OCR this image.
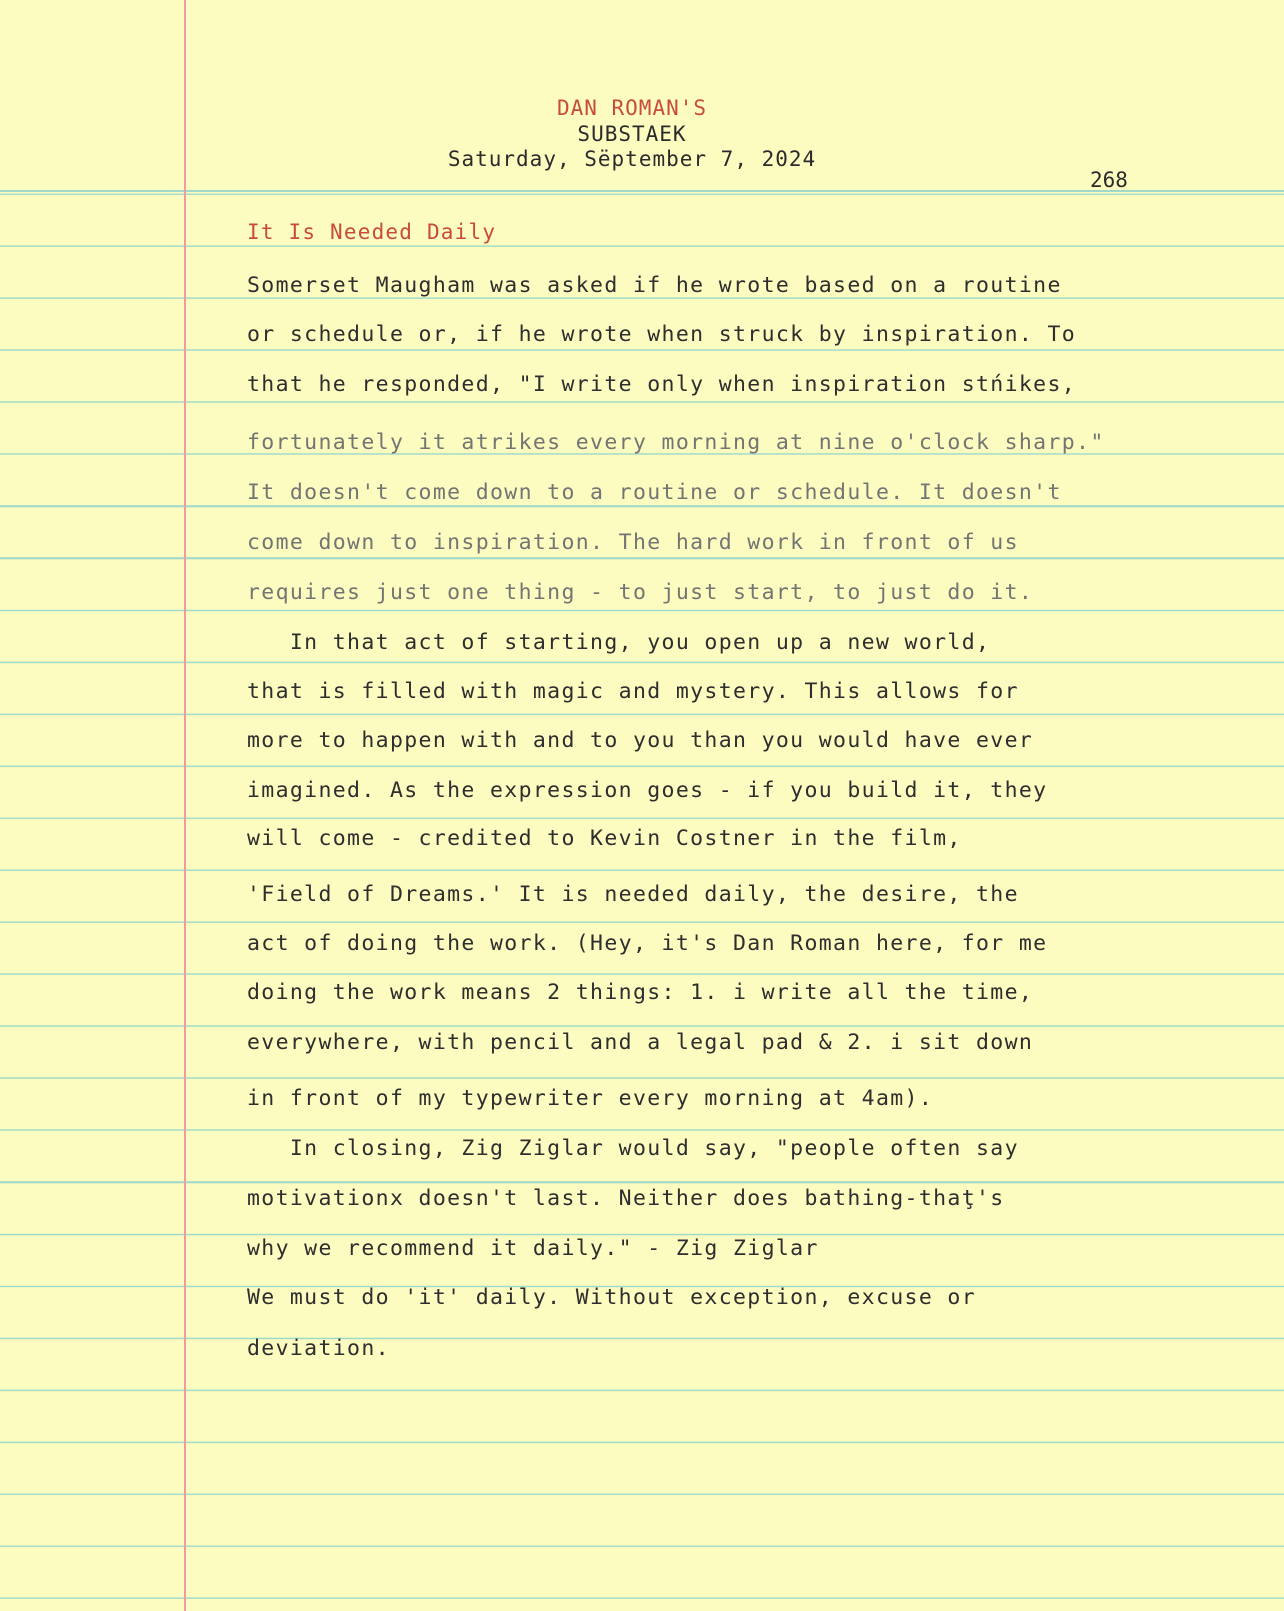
DAN ROMAN'S
SUBSTAEK
Saturday, Sëptember 7, 2024
268
It Is Needed Daily
Somerset Maugham was asked if he wrote based on a routine
or schedule or, if he wrote when struck by inspiration. To
that he responded, "I write only when inspiration stńikes,
fortunately it atrikes every morning at nine o'clock sharp."
It doesn't come down to a routine or schedule. It doesn't
come down to inspiration. The hard work in front of us
requires just one thing - to just start, to just do it.
In that act of starting, you open up a new world,
that is filled with magic and mystery. This allows for
more to happen with and to you than you would have ever
imagined. As the expression goes - if you build it, they
will come - credited to Kevin Costner in the film,
'Field of Dreams.' It is needed daily, the desire, the
act of doing the work. (Hey, it's Dan Roman here, for me
doing the work means 2 things: 1. i write all the time,
everywhere, with pencil and a legal pad & 2. i sit down
in front of my typewriter every morning at 4am).
In closing, Zig Ziglar would say, "people often say
motivationx doesn't last. Neither does bathing-thaţ's
why we recommend it daily." - Zig Ziglar
We must do 'it' daily. Without exception, excuse or
deviation.
